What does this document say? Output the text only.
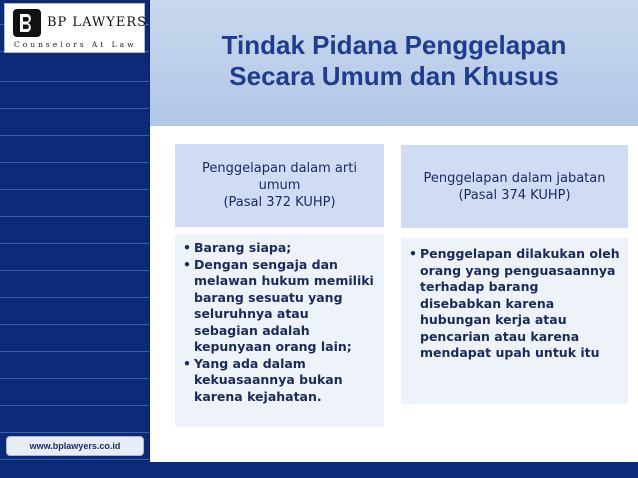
BP LAWYERS
Counselors At Law
www.bplawyers.co.id
Tindak Pidana Penggelapan
Secara Umum dan Khusus
Penggelapan dalam arti
umum
(Pasal 372 KUHP)
Penggelapan dalam jabatan
(Pasal 374 KUHP)
• Barang siapa;
• Dengan sengaja dan melawan hukum memiliki barang sesuatu yang seluruhnya atau sebagian adalah kepunyaan orang lain;
• Yang ada dalam kekuasaannya bukan karena kejahatan.
• Penggelapan dilakukan oleh orang yang penguasaannya terhadap barang disebabkan karena hubungan kerja atau pencarian atau karena mendapat upah untuk itu
